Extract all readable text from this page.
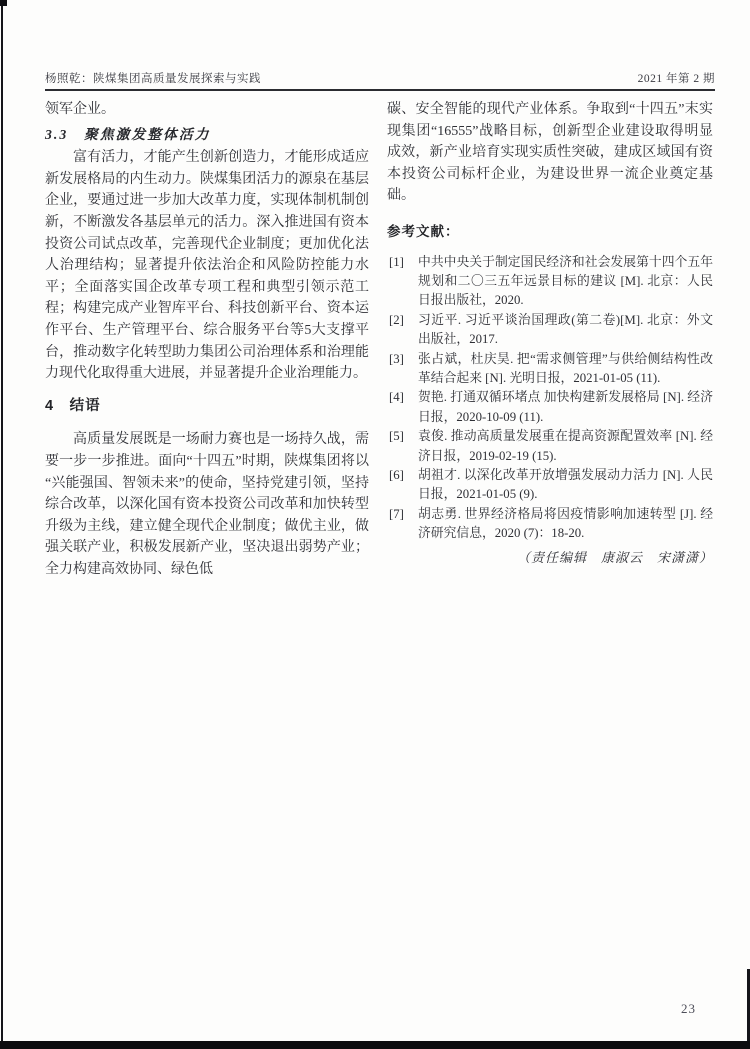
杨照乾：陕煤集团高质量发展探索与实践	2021 年第 2 期

领军企业。

3.3　聚焦激发整体活力

富有活力，才能产生创新创造力，才能形成适应新发展格局的内生动力。陕煤集团活力的源泉在基层企业，要通过进一步加大改革力度，实现体制机制创新，不断激发各基层单元的活力。深入推进国有资本投资公司试点改革，完善现代企业制度；更加优化法人治理结构；显著提升依法治企和风险防控能力水平；全面落实国企改革专项工程和典型引领示范工程；构建完成产业智库平台、科技创新平台、资本运作平台、生产管理平台、综合服务平台等5大支撑平台，推动数字化转型助力集团公司治理体系和治理能力现代化取得重大进展，并显著提升企业治理能力。

4　结语

高质量发展既是一场耐力赛也是一场持久战，需要一步一步推进。面向“十四五”时期，陕煤集团将以“兴能强国、智领未来”的使命，坚持党建引领，坚持综合改革，以深化国有资本投资公司改革和加快转型升级为主线，建立健全现代企业制度；做优主业，做强关联产业，积极发展新产业，坚决退出弱势产业；全力构建高效协同、绿色低

碳、安全智能的现代产业体系。争取到“十四五”末实现集团“16555”战略目标，创新型企业建设取得明显成效，新产业培育实现实质性突破，建成区域国有资本投资公司标杆企业，为建设世界一流企业奠定基础。

参考文献：
[1] 中共中央关于制定国民经济和社会发展第十四个五年规划和二〇三五年远景目标的建议 [M]. 北京：人民日报出版社，2020.
[2] 习近平. 习近平谈治国理政(第二卷)[M]. 北京：外文出版社，2017.
[3] 张占斌，杜庆昊. 把“需求侧管理”与供给侧结构性改革结合起来 [N]. 光明日报，2021-01-05 (11).
[4] 贺艳. 打通双循环堵点 加快构建新发展格局 [N]. 经济日报，2020-10-09 (11).
[5] 袁俊. 推动高质量发展重在提高资源配置效率 [N]. 经济日报，2019-02-19 (15).
[6] 胡祖才. 以深化改革开放增强发展动力活力 [N]. 人民日报，2021-01-05 (9).
[7] 胡志勇. 世界经济格局将因疫情影响加速转型 [J]. 经济研究信息，2020 (7)：18-20.
（责任编辑　康淑云　宋潇潇）
23
